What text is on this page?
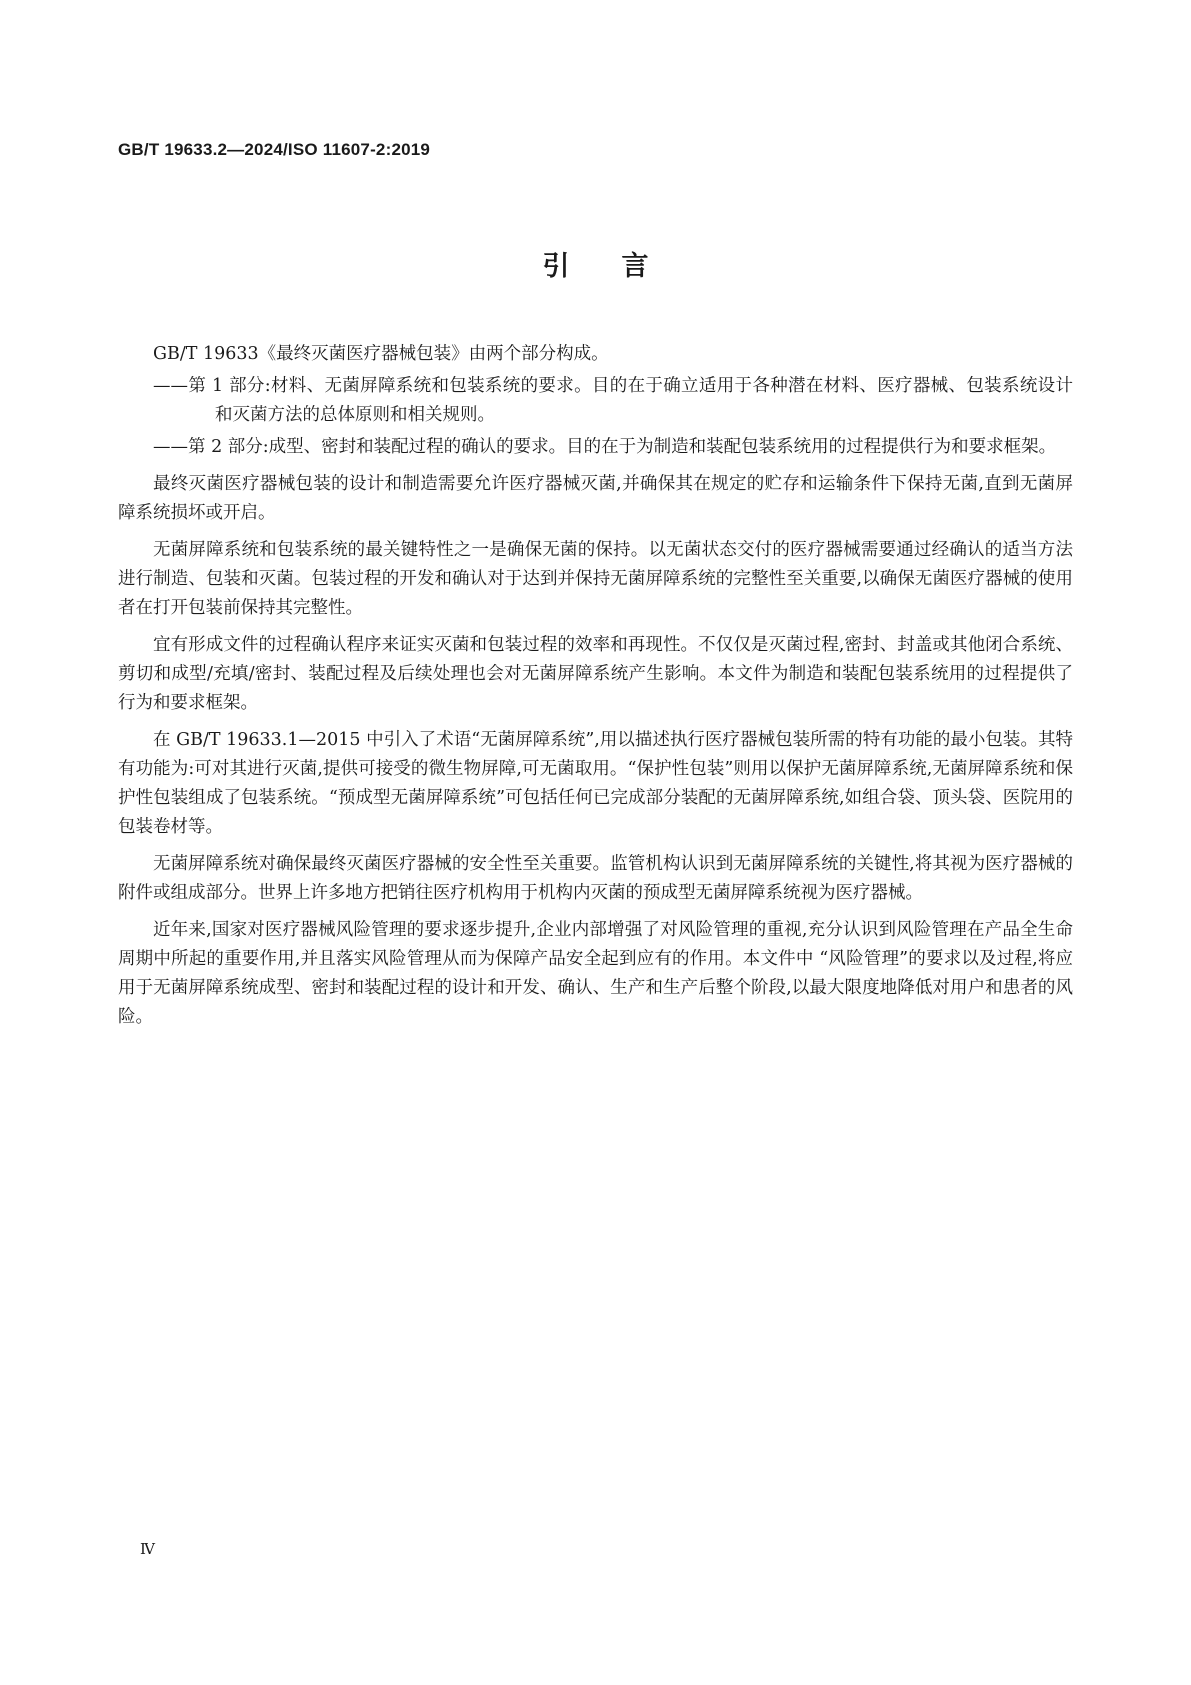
GB/T 19633.2—2024/ISO 11607-2:2019
引言

GB/T 19633《最终灭菌医疗器械包装》由两个部分构成。

——第 1 部分:材料、无菌屏障系统和包装系统的要求。目的在于确立适用于各种潜在材料、医疗器械、包装系统设计和灭菌方法的总体原则和相关规则。

——第 2 部分:成型、密封和装配过程的确认的要求。目的在于为制造和装配包装系统用的过程提供行为和要求框架。

最终灭菌医疗器械包装的设计和制造需要允许医疗器械灭菌,并确保其在规定的贮存和运输条件下保持无菌,直到无菌屏障系统损坏或开启。

无菌屏障系统和包装系统的最关键特性之一是确保无菌的保持。以无菌状态交付的医疗器械需要通过经确认的适当方法进行制造、包装和灭菌。包装过程的开发和确认对于达到并保持无菌屏障系统的完整性至关重要,以确保无菌医疗器械的使用者在打开包装前保持其完整性。

宜有形成文件的过程确认程序来证实灭菌和包装过程的效率和再现性。不仅仅是灭菌过程,密封、封盖或其他闭合系统、剪切和成型/充填/密封、装配过程及后续处理也会对无菌屏障系统产生影响。本文件为制造和装配包装系统用的过程提供了行为和要求框架。

在 GB/T 19633.1—2015 中引入了术语“无菌屏障系统”,用以描述执行医疗器械包装所需的特有功能的最小包装。其特有功能为:可对其进行灭菌,提供可接受的微生物屏障,可无菌取用。“保护性包装”则用以保护无菌屏障系统,无菌屏障系统和保护性包装组成了包装系统。“预成型无菌屏障系统”可包括任何已完成部分装配的无菌屏障系统,如组合袋、顶头袋、医院用的包装卷材等。

无菌屏障系统对确保最终灭菌医疗器械的安全性至关重要。监管机构认识到无菌屏障系统的关键性,将其视为医疗器械的附件或组成部分。世界上许多地方把销往医疗机构用于机构内灭菌的预成型无菌屏障系统视为医疗器械。

近年来,国家对医疗器械风险管理的要求逐步提升,企业内部增强了对风险管理的重视,充分认识到风险管理在产品全生命周期中所起的重要作用,并且落实风险管理从而为保障产品安全起到应有的作用。本文件中 “风险管理”的要求以及过程,将应用于无菌屏障系统成型、密封和装配过程的设计和开发、确认、生产和生产后整个阶段,以最大限度地降低对用户和患者的风险。

Ⅳ
